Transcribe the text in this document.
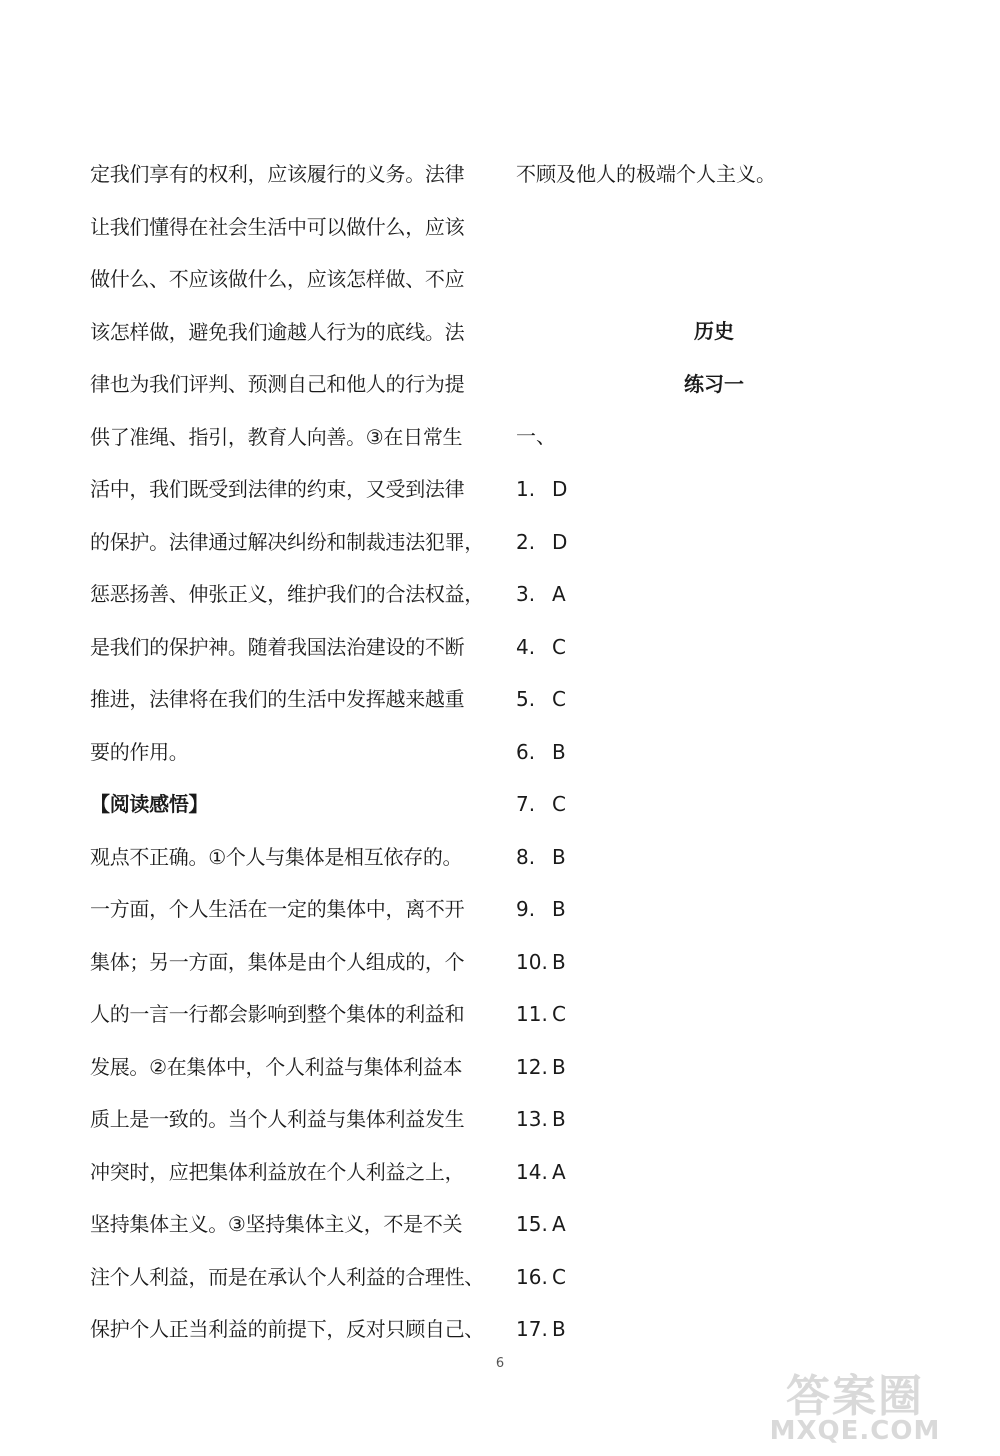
定我们享有的权利，应该履行的义务。法律
让我们懂得在社会生活中可以做什么，应该
做什么、不应该做什么，应该怎样做、不应
该怎样做，避免我们逾越人行为的底线。法
律也为我们评判、预测自己和他人的行为提
供了准绳、指引，教育人向善。③在日常生
活中，我们既受到法律的约束，又受到法律
的保护。法律通过解决纠纷和制裁违法犯罪，
惩恶扬善、伸张正义，维护我们的合法权益，
是我们的保护神。随着我国法治建设的不断
推进，法律将在我们的生活中发挥越来越重
要的作用。
【阅读感悟】
观点不正确。①个人与集体是相互依存的。
一方面，个人生活在一定的集体中，离不开
集体；另一方面，集体是由个人组成的，个
人的一言一行都会影响到整个集体的利益和
发展。②在集体中，个人利益与集体利益本
质上是一致的。当个人利益与集体利益发生
冲突时，应把集体利益放在个人利益之上，
坚持集体主义。③坚持集体主义，不是不关
注个人利益，而是在承认个人利益的合理性、
保护个人正当利益的前提下，反对只顾自己、
不顾及他人的极端个人主义。
历史
练习一
一、
1. D
2. D
3. A
4. C
5. C
6. B
7. C
8. B
9. B
10. B
11. C
12. B
13. B
14. A
15. A
16. C
17. B
6
答案圈
MXQE.COM
